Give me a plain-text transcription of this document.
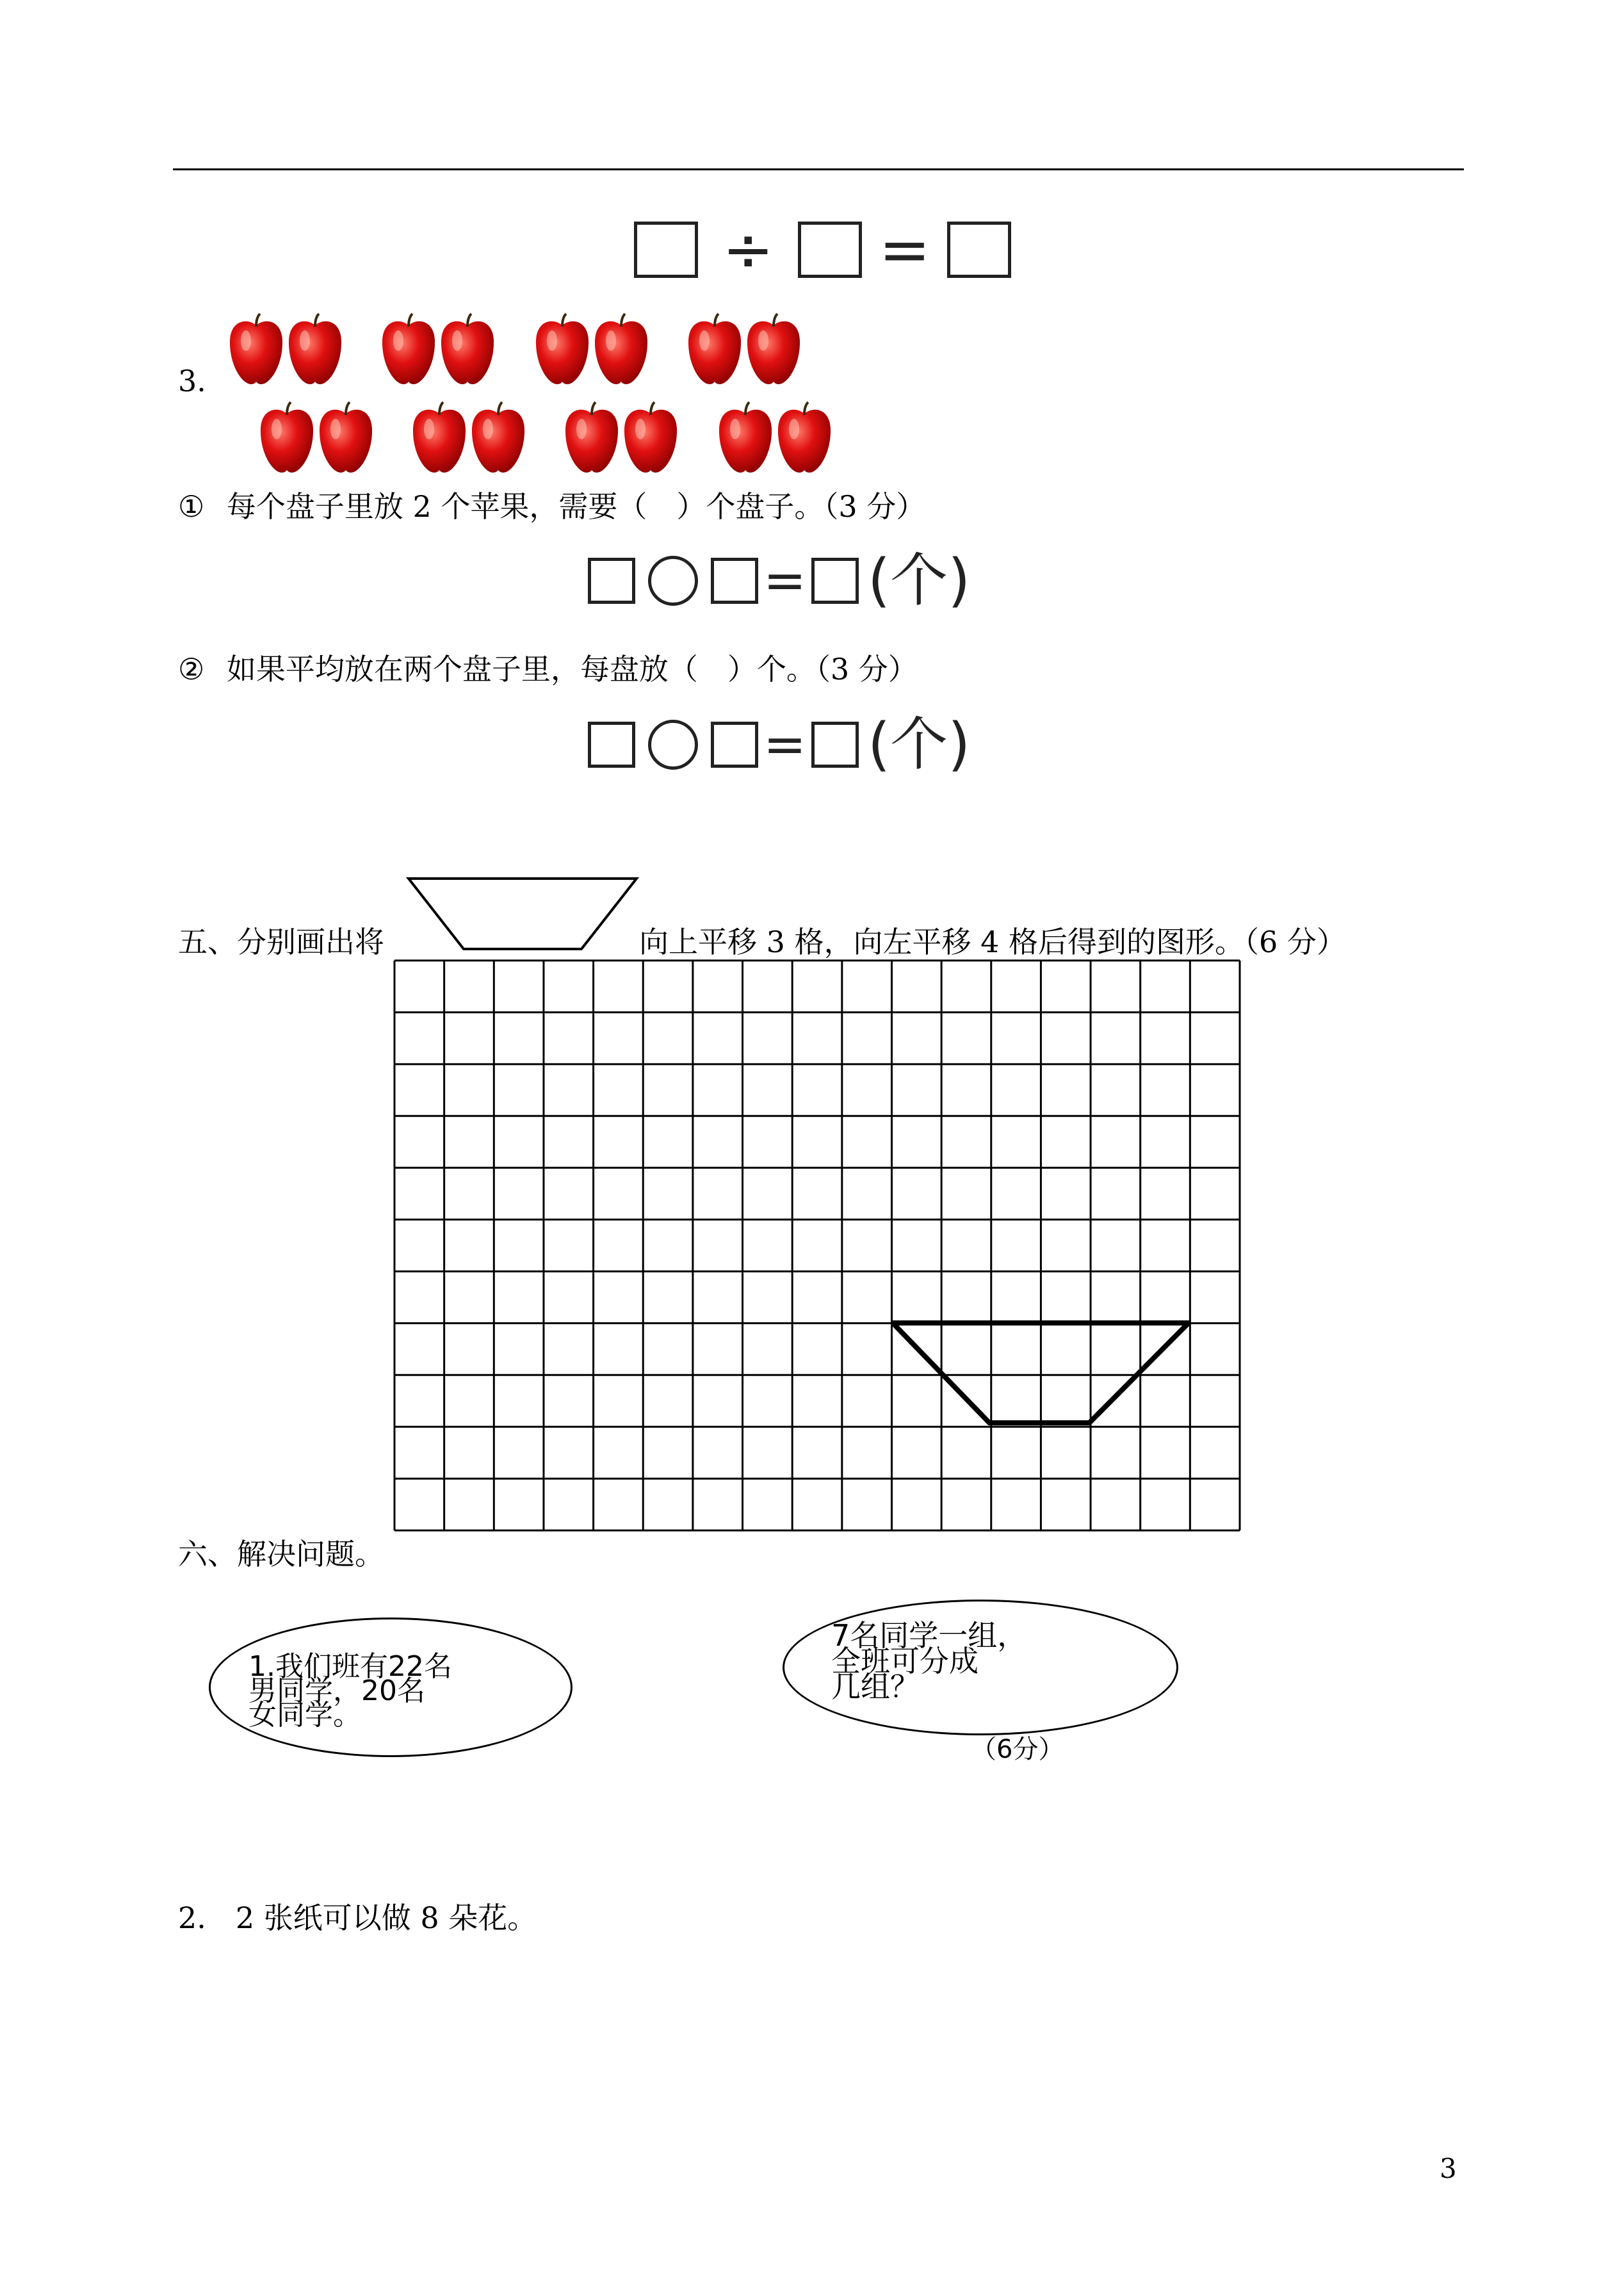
÷ =
3.
① 每个盘子里放 2 个苹果，需要（　）个盘子。（3 分）
= (个)
② 如果平均放在两个盘子里，每盘放（　）个。（3 分）
= (个)
五、分别画出将	向上平移 3 格，向左平移 4 格后得到的图形。（6 分）
六、解决问题。
1.我们班有22名
男同学，20名
女同学。
7名同学一组，
全班可分成
几组？
（6分）
2.　2 张纸可以做 8 朵花。
3
